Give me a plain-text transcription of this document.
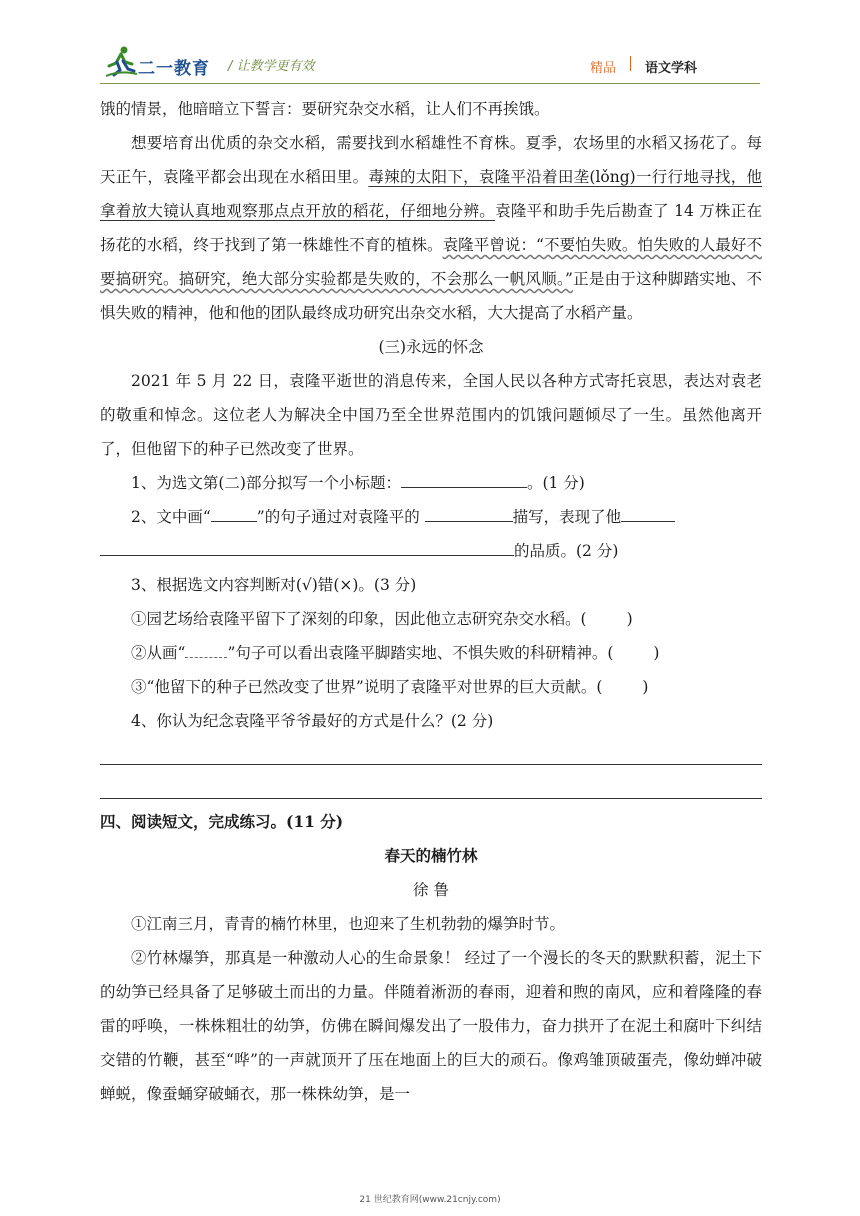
二一教育 / 让教学更有效	精品 语文学科

饿的情景，他暗暗立下誓言：要研究杂交水稻，让人们不再挨饿。

想要培育出优质的杂交水稻，需要找到水稻雄性不育株。夏季，农场里的水稻又扬花了。每天正午，袁隆平都会出现在水稻田里。毒辣的太阳下，袁隆平沿着田垄(lǒng)一行行地寻找，他拿着放大镜认真地观察那点点开放的稻花，仔细地分辨。袁隆平和助手先后勘查了 14 万株正在扬花的水稻，终于找到了第一株雄性不育的植株。袁隆平曾说：“不要怕失败。怕失败的人最好不要搞研究。搞研究，绝大部分实验都是失败的，不会那么一帆风顺。”正是由于这种脚踏实地、不惧失败的精神，他和他的团队最终成功研究出杂交水稻，大大提高了水稻产量。

(三)永远的怀念

2021 年 5 月 22 日，袁隆平逝世的消息传来，全国人民以各种方式寄托哀思，表达对袁老的敬重和悼念。这位老人为解决全中国乃至全世界范围内的饥饿问题倾尽了一生。虽然他离开了，但他留下的种子已然改变了世界。

1、为选文第(二)部分拟写一个小标题：	。(1 分)

2、文中画“	”的句子通过对袁隆平的	描写，表现了他

的品质。(2 分)

3、根据选文内容判断对(√)错(×)。(3 分)

①园艺场给袁隆平留下了深刻的印象，因此他立志研究杂交水稻。(	)

②从画“	”句子可以看出袁隆平脚踏实地、不惧失败的科研精神。(	)

③“他留下的种子已然改变了世界”说明了袁隆平对世界的巨大贡献。(	)

4、你认为纪念袁隆平爷爷最好的方式是什么？(2 分)

四、阅读短文，完成练习。(11 分)

春天的楠竹林

徐 鲁

①江南三月，青青的楠竹林里，也迎来了生机勃勃的爆笋时节。

②竹林爆笋，那真是一种激动人心的生命景象！ 经过了一个漫长的冬天的默默积蓄，泥土下的幼笋已经具备了足够破土而出的力量。伴随着淅沥的春雨，迎着和煦的南风，应和着隆隆的春雷的呼唤，一株株粗壮的幼笋，仿佛在瞬间爆发出了一股伟力，奋力拱开了在泥土和腐叶下纠结交错的竹鞭，甚至“哗”的一声就顶开了压在地面上的巨大的顽石。像鸡雏顶破蛋壳，像幼蝉冲破蝉蜕，像蚕蛹穿破蛹衣，那一株株幼笋，是一

21 世纪教育网(www.21cnjy.com)
